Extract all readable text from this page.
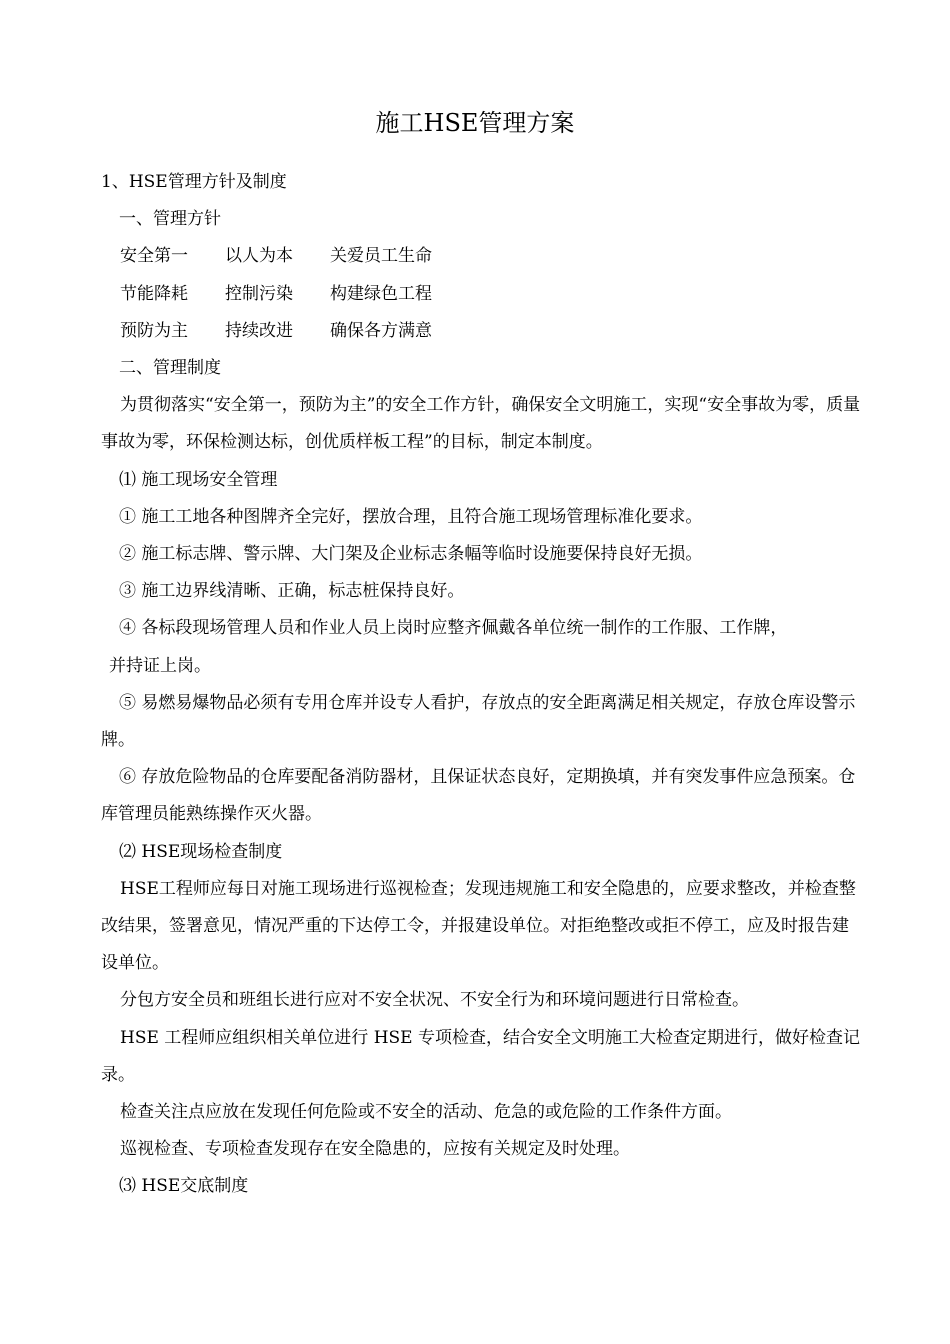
施工HSE管理方案

1、HSE管理方针及制度

一、管理方针

安全第一 以人为本 关爱员工生命

节能降耗 控制污染 构建绿色工程

预防为主 持续改进 确保各方满意

二、管理制度

为贯彻落实“安全第一，预防为主”的安全工作方针，确保安全文明施工，实现“安全事故为零，质量事故为零，环保检测达标，创优质样板工程”的目标，制定本制度。

⑴ 施工现场安全管理

① 施工工地各种图牌齐全完好，摆放合理，且符合施工现场管理标准化要求。

② 施工标志牌、警示牌、大门架及企业标志条幅等临时设施要保持良好无损。

③ 施工边界线清晰、正确，标志桩保持良好。

④ 各标段现场管理人员和作业人员上岗时应整齐佩戴各单位统一制作的工作服、工作牌，

并持证上岗。

⑤ 易燃易爆物品必须有专用仓库并设专人看护，存放点的安全距离满足相关规定，存放仓库设警示牌。

⑥ 存放危险物品的仓库要配备消防器材，且保证状态良好，定期换填，并有突发事件应急预案。仓库管理员能熟练操作灭火器。

⑵ HSE现场检查制度

HSE工程师应每日对施工现场进行巡视检查；发现违规施工和安全隐患的，应要求整改，并检查整改结果，签署意见，情况严重的下达停工令，并报建设单位。对拒绝整改或拒不停工，应及时报告建设单位。

分包方安全员和班组长进行应对不安全状况、不安全行为和环境问题进行日常检查。

HSE 工程师应组织相关单位进行 HSE 专项检查，结合安全文明施工大检查定期进行，做好检查记录。

检查关注点应放在发现任何危险或不安全的活动、危急的或危险的工作条件方面。

巡视检查、专项检查发现存在安全隐患的，应按有关规定及时处理。

⑶ HSE交底制度
